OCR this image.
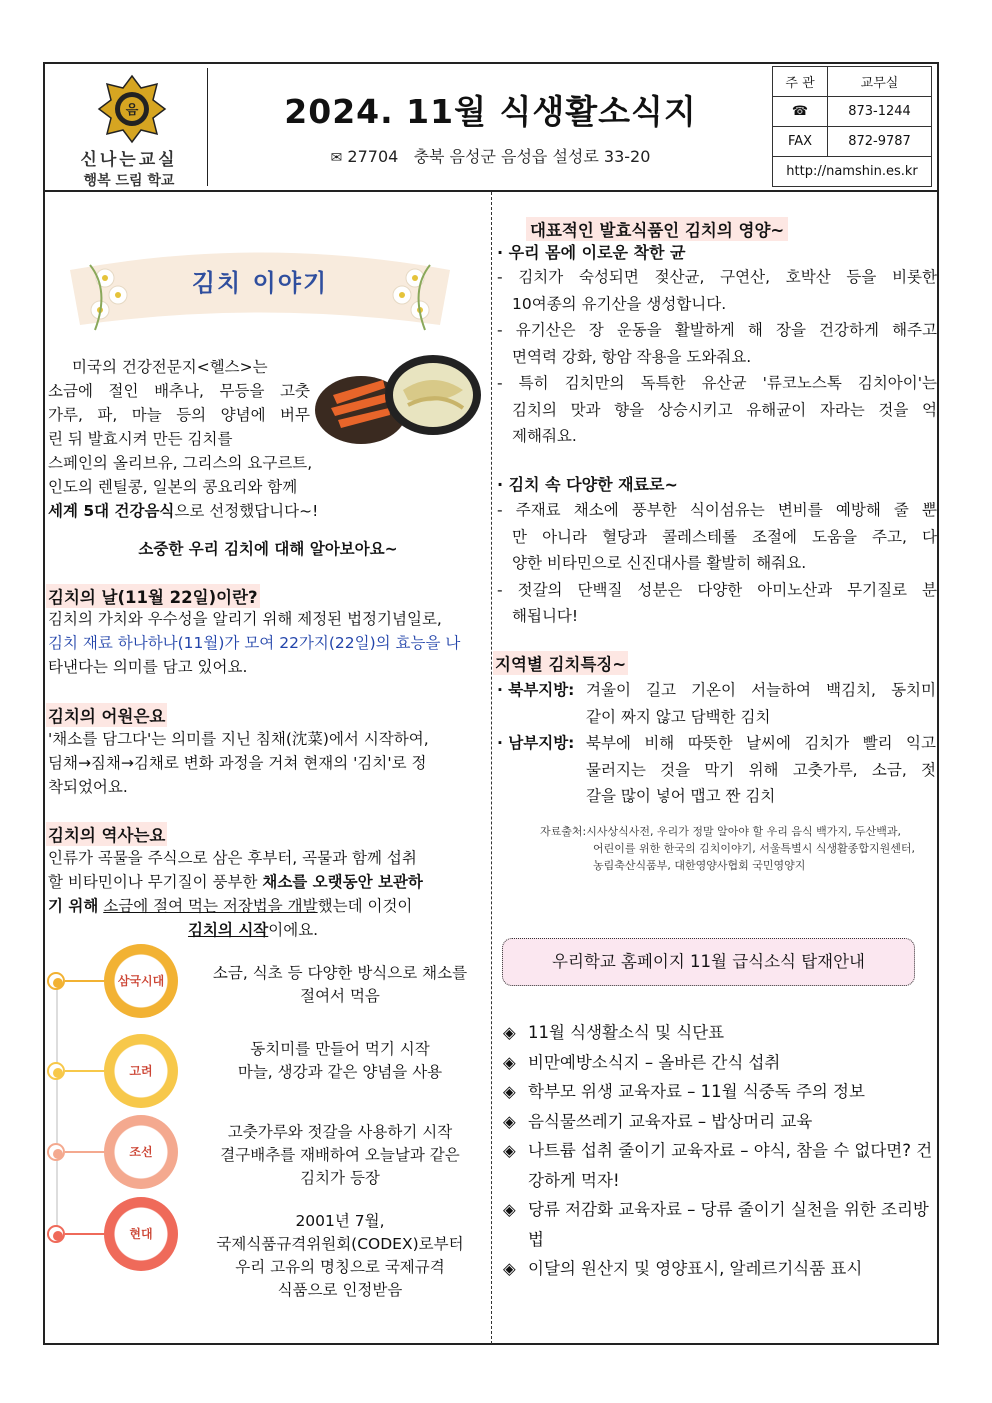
음
신나는교실
행복 드림 학교
2024. 11월 식생활소식지
✉ 27704   충북 음성군 음성읍 설성로 33-20
주 관	교무실
☎	873-1244
FAX	872-9787
http://namshin.es.kr	
김치 이야기
미국의 건강전문지<헬스>는
소금에 절인 배추나, 무등을 고춧
가루, 파, 마늘 등의 양념에 버무
린 뒤 발효시켜 만든 김치를
스페인의 올리브유, 그리스의 요구르트,
인도의 렌틸콩, 일본의 콩요리와 함께
세계 5대 건강음식으로 선정했답니다~!
소중한 우리 김치에 대해 알아보아요~
김치의 날(11월 22일)이란?
김치의 가치와 우수성을 알리기 위해 제정된 법정기념일로,
김치 재료 하나하나(11월)가 모여 22가지(22일)의 효능을 나
타낸다는 의미를 담고 있어요.
김치의 어원은요
'채소를 담그다'는 의미를 지닌 침채(沈菜)에서 시작하여,
딤채→짐채→김채로 변화 과정을 거쳐 현재의 '김치'로 정
착되었어요.
김치의 역사는요
인류가 곡물을 주식으로 삼은 후부터, 곡물과 함께 섭취
할 비타민이나 무기질이 풍부한 채소를 오랫동안 보관하
기 위해 소금에 절여 먹는 저장법을 개발했는데 이것이
김치의 시작이에요.
삼국시대	소금, 식초 등 다양한 방식으로 채소를
절여서 먹음
고려
동치미를 만들어 먹기 시작
마늘, 생강과 같은 양념을 사용
조선
고춧가루와 젓갈을 사용하기 시작
결구배추를 재배하여 오늘날과 같은
김치가 등장
현대
2001년 7월,
국제식품규격위원회(CODEX)로부터
우리 고유의 명칭으로 국제규격
식품으로 인정받음
대표적인 발효식품인 김치의 영양~
· 우리 몸에 이로운 착한 균
- 김치가 숙성되면 젖산균, 구연산, 호박산 등을 비롯한
10여종의 유기산을 생성합니다.
- 유기산은 장 운동을 활발하게 해 장을 건강하게 해주고
면역력 강화, 항암 작용을 도와줘요.
- 특히 김치만의 독특한 유산균 '류코노스톡 김치아이'는
김치의 맛과 향을 상승시키고 유해균이 자라는 것을 억
제해줘요.
· 김치 속 다양한 재료로~
- 주재료 채소에 풍부한 식이섬유는 변비를 예방해 줄 뿐
만 아니라 혈당과 콜레스테롤 조절에 도움을 주고, 다
양한 비타민으로 신진대사를 활발히 해줘요.
- 젓갈의 단백질 성분은 다양한 아미노산과 무기질로 분
해됩니다!
지역별 김치특징~
· 북부지방: 겨울이 길고 기온이 서늘하여 백김치, 동치미
같이 짜지 않고 담백한 김치
· 남부지방: 북부에 비해 따뜻한 날씨에 김치가 빨리 익고
물러지는 것을 막기 위해 고춧가루, 소금, 젓
갈을 많이 넣어 맵고 짠 김치
자료출처:시사상식사전, 우리가 정말 알아야 할 우리 음식 백가지, 두산백과,
어린이를 위한 한국의 김치이야기, 서울특별시 식생활종합지원센터,
농림축산식품부, 대한영양사협회 국민영양지
우리학교 홈페이지 11월 급식소식 탑재안내
◈ 11월 식생활소식 및 식단표
◈ 비만예방소식지 – 올바른 간식 섭취
◈ 학부모 위생 교육자료 – 11월 식중독 주의 정보
◈ 음식물쓰레기 교육자료 – 밥상머리 교육
◈ 나트륨 섭취 줄이기 교육자료 – 야식, 참을 수 없다면? 건강하게 먹자!
◈ 당류 저감화 교육자료 – 당류 줄이기 실천을 위한 조리방법
◈ 이달의 원산지 및 영양표시, 알레르기식품 표시
